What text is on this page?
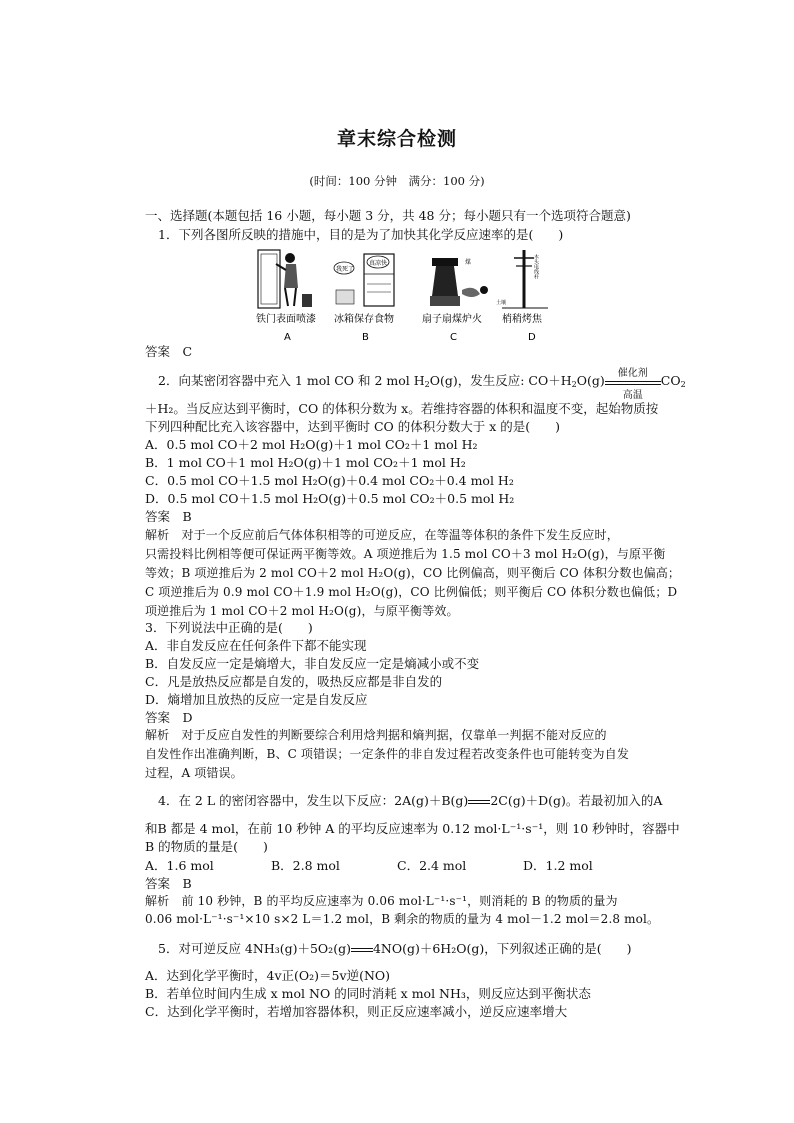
章末综合检测
(时间：100 分钟　满分：100 分)
一、选择题(本题包括 16 小题，每小题 3 分，共 48 分；每小题只有一个选项符合题意)
1．下列各图所反映的措施中，目的是为了加快其化学反应速率的是(　　)
我死了
真凉快	煤	木头电线杆
土壤
铁门表面喷漆 冰箱保存食物	扇子扇煤炉火 梢稍烤焦
A	B	C	D
答案　C
2．向某密闭容器中充入 1 mol CO 和 2 mol $H_2O(g)$，发生反应: $CO+H_2O(g)$	催化剂
高温
$CO_2$
＋H₂。当反应达到平衡时，CO 的体积分数为 x。若维持容器的体积和温度不变，起始物质按
下列四种配比充入该容器中，达到平衡时 CO 的体积分数大于 x 的是(　　)
A．0.5 mol CO＋2 mol H₂O(g)＋1 mol CO₂＋1 mol H₂
B．1 mol CO＋1 mol H₂O(g)＋1 mol CO₂＋1 mol H₂
C．0.5 mol CO＋1.5 mol H₂O(g)＋0.4 mol CO₂＋0.4 mol H₂
D．0.5 mol CO＋1.5 mol H₂O(g)＋0.5 mol CO₂＋0.5 mol H₂
答案　B
解析　对于一个反应前后气体体积相等的可逆反应，在等温等体积的条件下发生反应时，
只需投料比例相等便可保证两平衡等效。A 项逆推后为 1.5 mol CO＋3 mol H₂O(g)，与原平衡
等效；B 项逆推后为 2 mol CO＋2 mol H₂O(g)，CO 比例偏高，则平衡后 CO 体积分数也偏高；
C 项逆推后为 0.9 mol CO＋1.9 mol H₂O(g)，CO 比例偏低；则平衡后 CO 体积分数也偏低；D
项逆推后为 1 mol CO＋2 mol H₂O(g)，与原平衡等效。
3．下列说法中正确的是(　　)
A．非自发反应在任何条件下都不能实现
B．自发反应一定是熵增大，非自发反应一定是熵减小或不变
C．凡是放热反应都是自发的，吸热反应都是非自发的
D．熵增加且放热的反应一定是自发反应
答案　D
解析　对于反应自发性的判断要综合利用焓判据和熵判据，仅靠单一判据不能对反应的
自发性作出准确判断，B、C 项错误；一定条件的非自发过程若改变条件也可能转变为自发
过程，A 项错误。
4．在 2 L 的密闭容器中，发生以下反应：2A(g)＋B(g) 2C(g)＋D(g)。若最初加入的A
和B 都是 4 mol，在前 10 秒钟 A 的平均反应速率为 0.12 mol·L⁻¹·s⁻¹，则 10 秒钟时，容器中
B 的物质的量是(　　)
A．1.6 mol	B．2.8 mol	C．2.4 mol	D．1.2 mol
答案　B
解析　前 10 秒钟，B 的平均反应速率为 0.06 mol·L⁻¹·s⁻¹，则消耗的 B 的物质的量为
0.06 mol·L⁻¹·s⁻¹×10 s×2 L＝1.2 mol，B 剩余的物质的量为 4 mol－1.2 mol＝2.8 mol。
5．对可逆反应 4NH₃(g)＋5O₂(g) 4NO(g)＋6H₂O(g)，下列叙述正确的是(　　)
A．达到化学平衡时，4v正(O₂)＝5v逆(NO)
B．若单位时间内生成 x mol NO 的同时消耗 x mol NH₃，则反应达到平衡状态
C．达到化学平衡时，若增加容器体积，则正反应速率减小，逆反应速率增大
